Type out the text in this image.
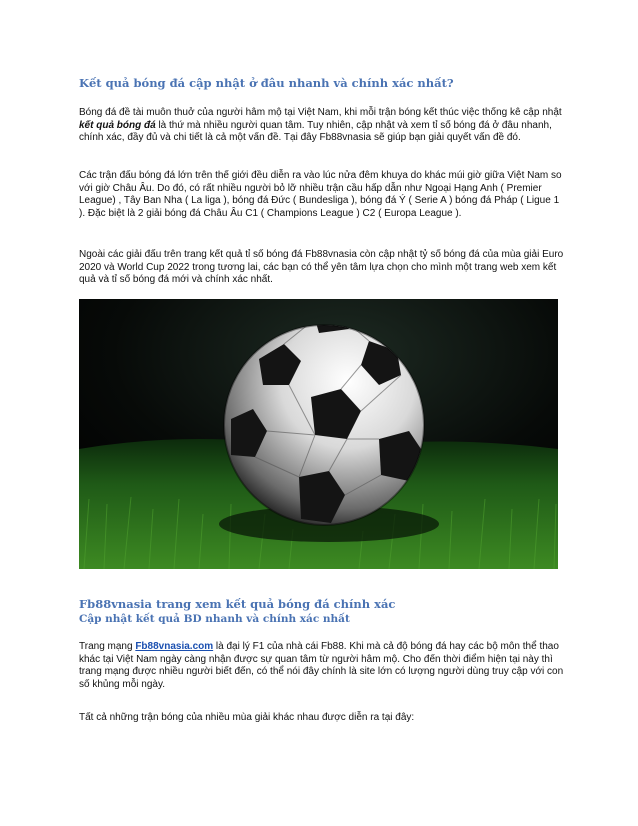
Kết quả bóng đá cập nhật ở đâu nhanh và chính xác nhất?

Bóng đá đề tài muôn thuở của người hâm mộ tại Việt Nam, khi mỗi trận bóng kết thúc việc thống kê cập nhật kết quả bóng đá là thứ mà nhiều người quan tâm. Tuy nhiên, cập nhật và xem tỉ số bóng đá ở đâu nhanh, chính xác, đầy đủ và chi tiết là cả một vấn đề. Tại đây Fb88vnasia sẽ giúp bạn giải quyết vấn đề đó.

Các trận đấu bóng đá lớn trên thế giới đều diễn ra vào lúc nửa đêm khuya do khác múi giờ giữa Việt Nam so với giờ Châu Âu. Do đó, có rất nhiều người bỏ lỡ nhiều trận cầu hấp dẫn như Ngoại Hạng Anh ( Premier League) , Tây Ban Nha ( La liga ), bóng đá Đức ( Bundesliga ), bóng đá Ý ( Serie A ) bóng đá Pháp ( Ligue 1 ). Đặc biệt là 2 giải bóng đá Châu Âu C1 ( Champions League ) C2 ( Europa League ).

Ngoài các giải đấu trên trang kết quả tỉ số bóng đá Fb88vnasia còn cập nhật tỷ số bóng đá của mùa giải Euro 2020 và World Cup 2022 trong tương lai, các bạn có thể yên tâm lựa chọn cho mình một trang web xem kết quả và tỉ số bóng đá mới và chính xác nhất.

Fb88vnasia trang xem kết quả bóng đá chính xác
Cập nhật kết quả BD nhanh và chính xác nhất

Trang mạng Fb88vnasia.com là đại lý F1 của nhà cái Fb88. Khi mà cả độ bóng đá hay các bộ môn thể thao khác tại Việt Nam ngày càng nhận được sự quan tâm từ người hâm mộ. Cho đến thời điểm hiện tại này thì trang mạng được nhiều người biết đến, có thể nói đây chính là site lớn có lượng người dùng truy cập với con số khủng mỗi ngày.

Tất cả những trận bóng của nhiều mùa giải khác nhau được diễn ra tại đây:
